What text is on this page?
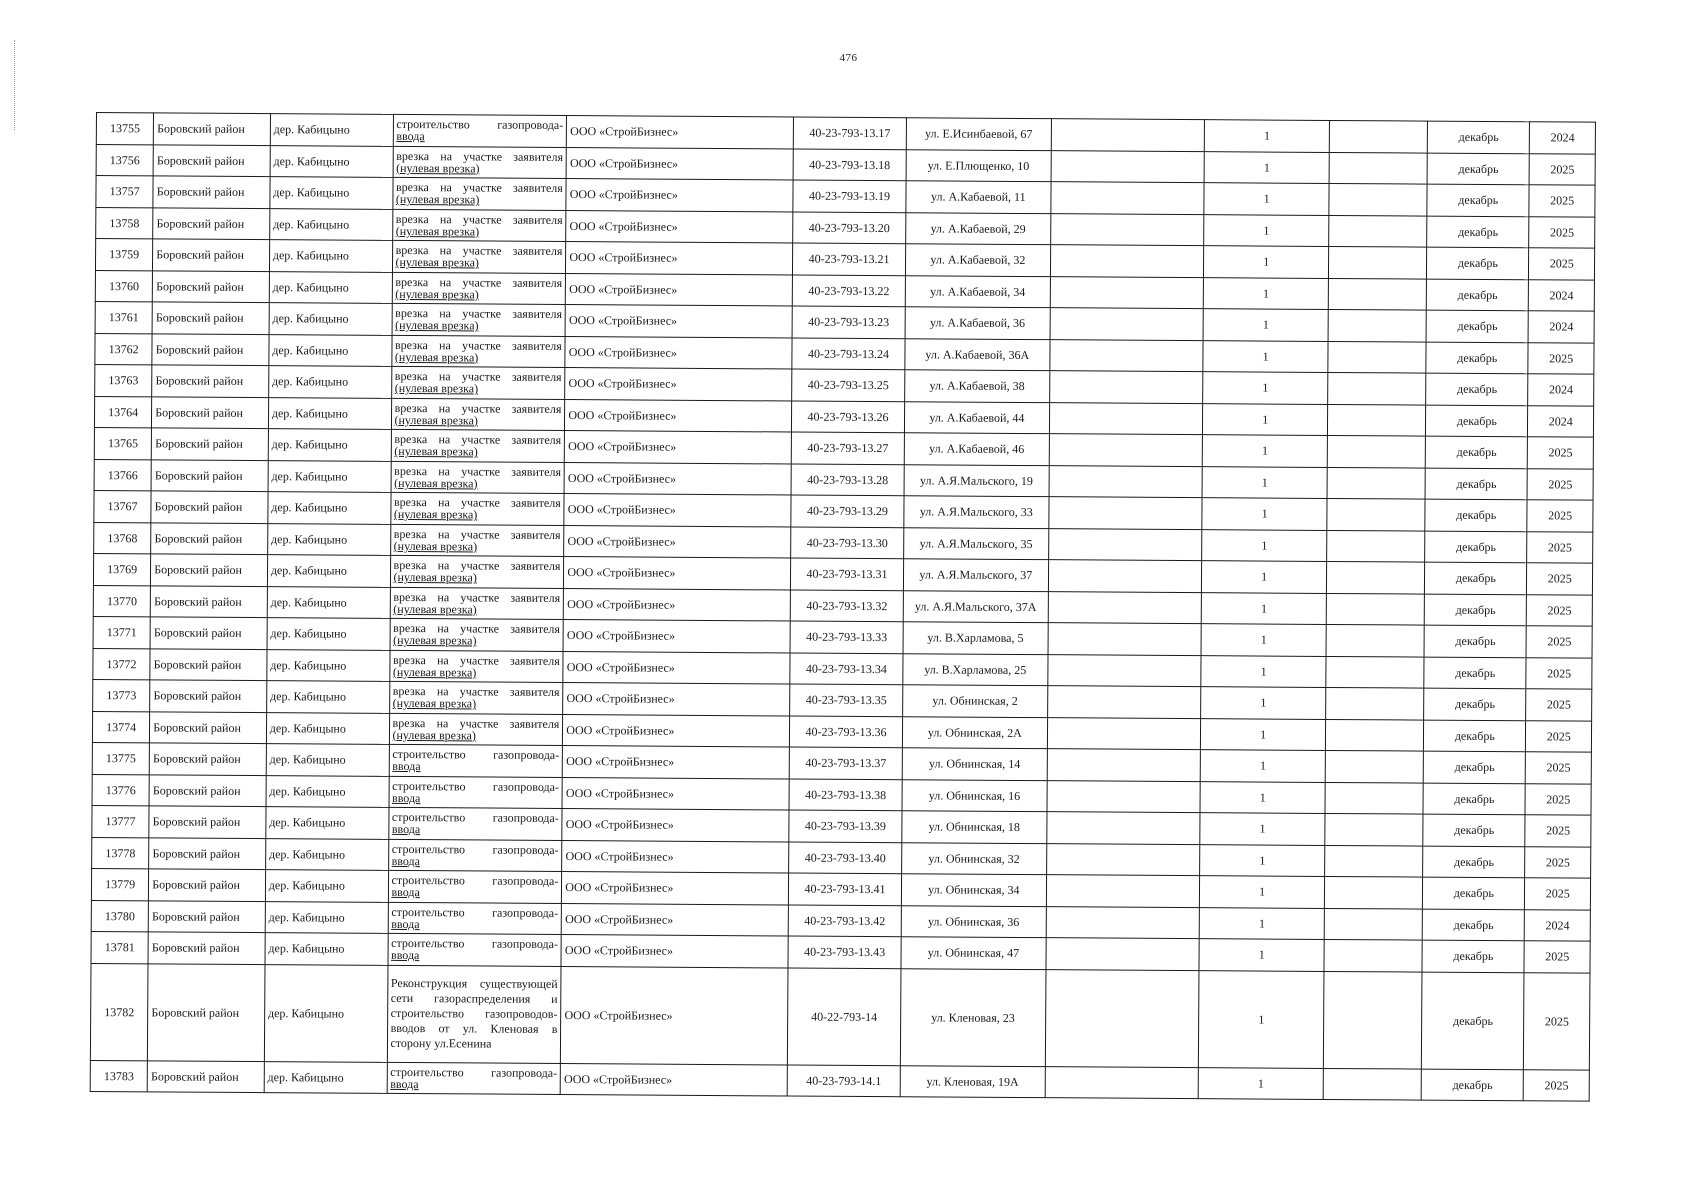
476
13755	Боровский район	дер. Кабицыно	строительство газопровода-
ввода	ООО «СтройБизнес»	40-23-793-13.17	ул. Е.Исинбаевой, 67		1		декабрь	2024
13756	Боровский район	дер. Кабицыно	врезка на участке заявителя
(нулевая врезка)	ООО «СтройБизнес»	40-23-793-13.18	ул. Е.Плющенко, 10		1		декабрь	2025
13757	Боровский район	дер. Кабицыно	врезка на участке заявителя
(нулевая врезка)	ООО «СтройБизнес»	40-23-793-13.19	ул. А.Кабаевой, 11		1		декабрь	2025
13758	Боровский район	дер. Кабицыно	врезка на участке заявителя
(нулевая врезка)	ООО «СтройБизнес»	40-23-793-13.20	ул. А.Кабаевой, 29		1		декабрь	2025
13759	Боровский район	дер. Кабицыно	врезка на участке заявителя
(нулевая врезка)	ООО «СтройБизнес»	40-23-793-13.21	ул. А.Кабаевой, 32		1		декабрь	2025
13760	Боровский район	дер. Кабицыно	врезка на участке заявителя
(нулевая врезка)	ООО «СтройБизнес»	40-23-793-13.22	ул. А.Кабаевой, 34		1		декабрь	2024
13761	Боровский район	дер. Кабицыно	врезка на участке заявителя
(нулевая врезка)	ООО «СтройБизнес»	40-23-793-13.23	ул. А.Кабаевой, 36		1		декабрь	2024
13762	Боровский район	дер. Кабицыно	врезка на участке заявителя
(нулевая врезка)	ООО «СтройБизнес»	40-23-793-13.24	ул. А.Кабаевой, 36А		1		декабрь	2025
13763	Боровский район	дер. Кабицыно	врезка на участке заявителя
(нулевая врезка)	ООО «СтройБизнес»	40-23-793-13.25	ул. А.Кабаевой, 38		1		декабрь	2024
13764	Боровский район	дер. Кабицыно	врезка на участке заявителя
(нулевая врезка)	ООО «СтройБизнес»	40-23-793-13.26	ул. А.Кабаевой, 44		1		декабрь	2024
13765	Боровский район	дер. Кабицыно	врезка на участке заявителя
(нулевая врезка)	ООО «СтройБизнес»	40-23-793-13.27	ул. А.Кабаевой, 46		1		декабрь	2025
13766	Боровский район	дер. Кабицыно	врезка на участке заявителя
(нулевая врезка)	ООО «СтройБизнес»	40-23-793-13.28	ул. А.Я.Мальского, 19		1		декабрь	2025
13767	Боровский район	дер. Кабицыно	врезка на участке заявителя
(нулевая врезка)	ООО «СтройБизнес»	40-23-793-13.29	ул. А.Я.Мальского, 33		1		декабрь	2025
13768	Боровский район	дер. Кабицыно	врезка на участке заявителя
(нулевая врезка)	ООО «СтройБизнес»	40-23-793-13.30	ул. А.Я.Мальского, 35		1		декабрь	2025
13769	Боровский район	дер. Кабицыно	врезка на участке заявителя
(нулевая врезка)	ООО «СтройБизнес»	40-23-793-13.31	ул. А.Я.Мальского, 37		1		декабрь	2025
13770	Боровский район	дер. Кабицыно	врезка на участке заявителя
(нулевая врезка)	ООО «СтройБизнес»	40-23-793-13.32	ул. А.Я.Мальского, 37А		1		декабрь	2025
13771	Боровский район	дер. Кабицыно	врезка на участке заявителя
(нулевая врезка)	ООО «СтройБизнес»	40-23-793-13.33	ул. В.Харламова, 5		1		декабрь	2025
13772	Боровский район	дер. Кабицыно	врезка на участке заявителя
(нулевая врезка)	ООО «СтройБизнес»	40-23-793-13.34	ул. В.Харламова, 25		1		декабрь	2025
13773	Боровский район	дер. Кабицыно	врезка на участке заявителя
(нулевая врезка)	ООО «СтройБизнес»	40-23-793-13.35	ул. Обнинская, 2		1		декабрь	2025
13774	Боровский район	дер. Кабицыно	врезка на участке заявителя
(нулевая врезка)	ООО «СтройБизнес»	40-23-793-13.36	ул. Обнинская, 2А		1		декабрь	2025
13775	Боровский район	дер. Кабицыно	строительство газопровода-
ввода	ООО «СтройБизнес»	40-23-793-13.37	ул. Обнинская, 14		1		декабрь	2025
13776	Боровский район	дер. Кабицыно	строительство газопровода-
ввода	ООО «СтройБизнес»	40-23-793-13.38	ул. Обнинская, 16		1		декабрь	2025
13777	Боровский район	дер. Кабицыно	строительство газопровода-
ввода	ООО «СтройБизнес»	40-23-793-13.39	ул. Обнинская, 18		1		декабрь	2025
13778	Боровский район	дер. Кабицыно	строительство газопровода-
ввода	ООО «СтройБизнес»	40-23-793-13.40	ул. Обнинская, 32		1		декабрь	2025
13779	Боровский район	дер. Кабицыно	строительство газопровода-
ввода	ООО «СтройБизнес»	40-23-793-13.41	ул. Обнинская, 34		1		декабрь	2025
13780	Боровский район	дер. Кабицыно	строительство газопровода-
ввода	ООО «СтройБизнес»	40-23-793-13.42	ул. Обнинская, 36		1		декабрь	2024
13781	Боровский район	дер. Кабицыно	строительство газопровода-
ввода	ООО «СтройБизнес»	40-23-793-13.43	ул. Обнинская, 47		1		декабрь	2025
13782	Боровский район	дер. Кабицыно	Реконструкция существующей
сети газораспределения и
строительство газопроводов-
вводов от ул. Кленовая в
сторону ул.Есенина	ООО «СтройБизнес»	40-22-793-14	ул. Кленовая, 23		1		декабрь	2025
13783	Боровский район	дер. Кабицыно	строительство газопровода-
ввода	ООО «СтройБизнес»	40-23-793-14.1	ул. Кленовая, 19А		1		декабрь	2025
